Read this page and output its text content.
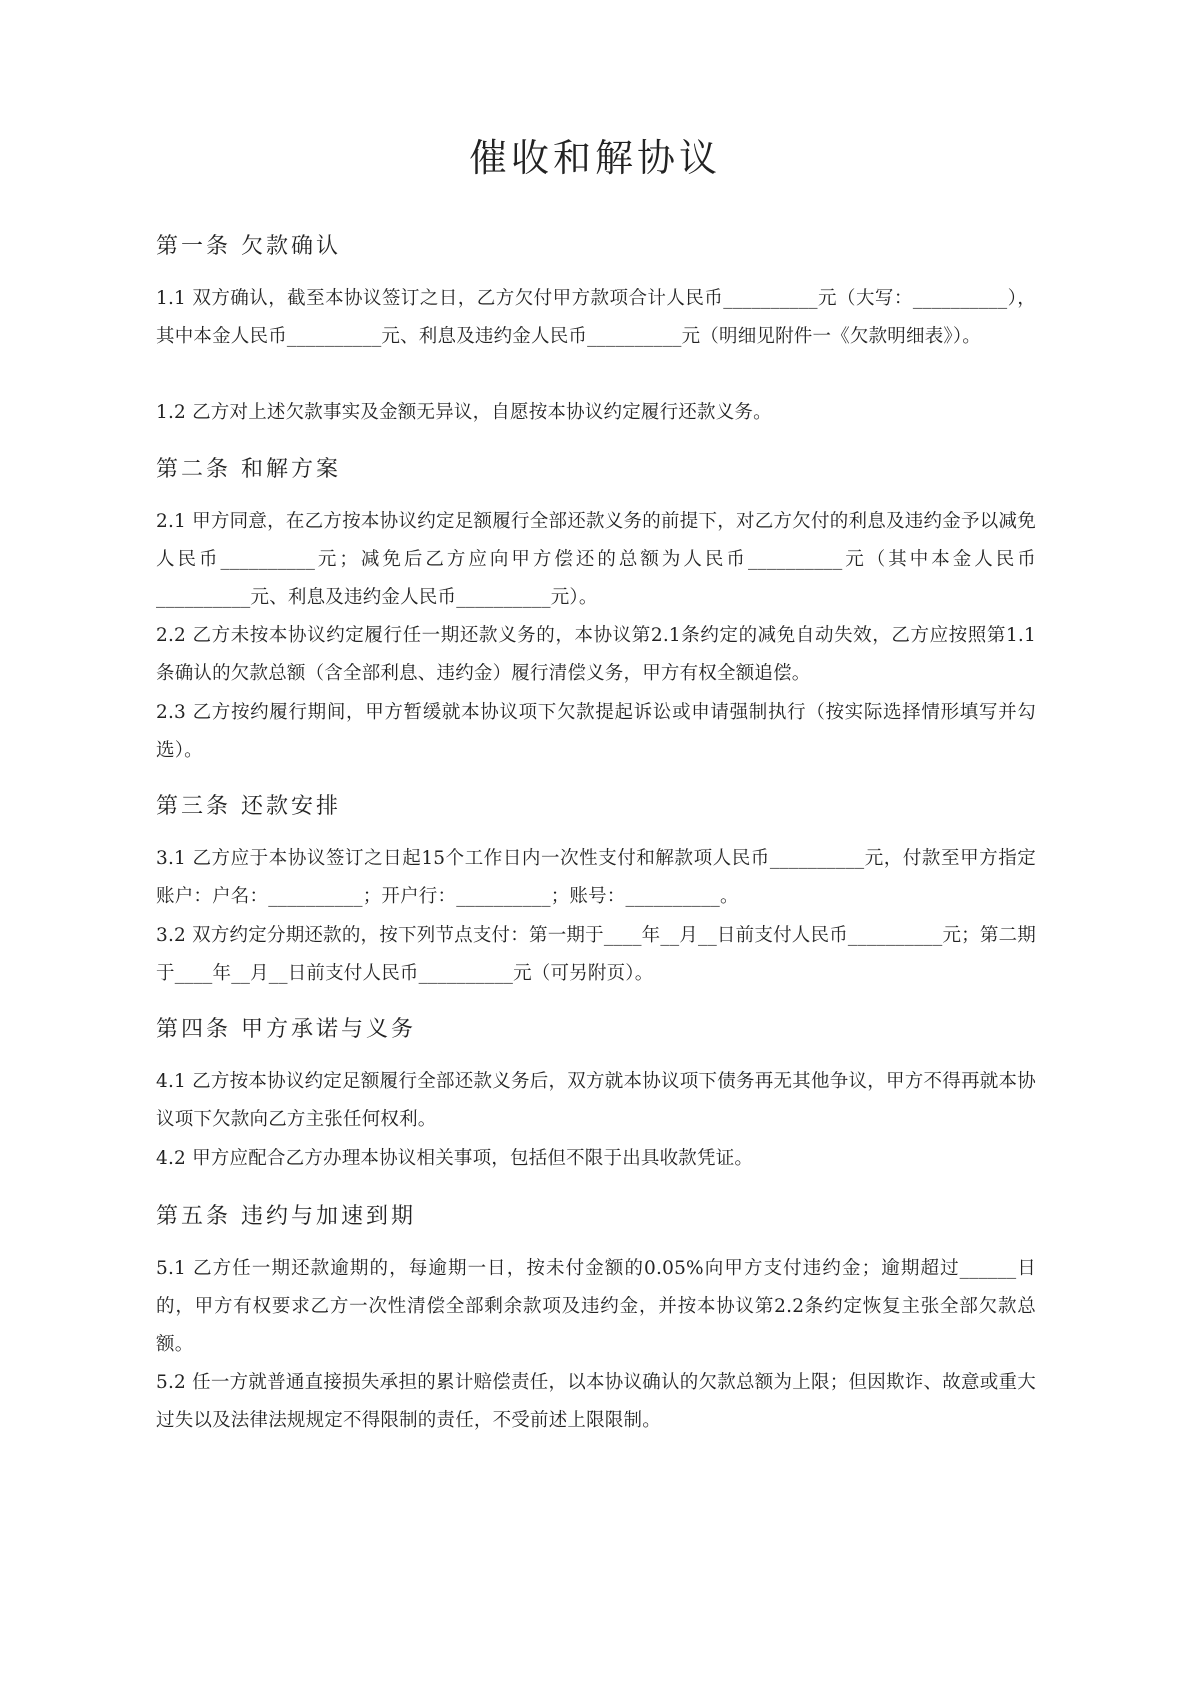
催收和解协议
第一条 欠款确认

1.1 双方确认，截至本协议签订之日，乙方欠付甲方款项合计人民币__________元（大写：__________），其中本金人民币__________元、利息及违约金人民币__________元（明细见附件一《欠款明细表》）。

1.2 乙方对上述欠款事实及金额无异议，自愿按本协议约定履行还款义务。

第二条 和解方案

2.1 甲方同意，在乙方按本协议约定足额履行全部还款义务的前提下，对乙方欠付的利息及违约金予以减免人民币__________元；减免后乙方应向甲方偿还的总额为人民币__________元（其中本金人民币__________元、利息及违约金人民币__________元）。

2.2 乙方未按本协议约定履行任一期还款义务的，本协议第2.1条约定的减免自动失效，乙方应按照第1.1条确认的欠款总额（含全部利息、违约金）履行清偿义务，甲方有权全额追偿。

2.3 乙方按约履行期间，甲方暂缓就本协议项下欠款提起诉讼或申请强制执行（按实际选择情形填写并勾选）。

第三条 还款安排

3.1 乙方应于本协议签订之日起15个工作日内一次性支付和解款项人民币__________元，付款至甲方指定账户：户名：__________；开户行：__________；账号：__________。

3.2 双方约定分期还款的，按下列节点支付：第一期于____年__月__日前支付人民币__________元；第二期于____年__月__日前支付人民币__________元（可另附页）。

第四条 甲方承诺与义务

4.1 乙方按本协议约定足额履行全部还款义务后，双方就本协议项下债务再无其他争议，甲方不得再就本协议项下欠款向乙方主张任何权利。

4.2 甲方应配合乙方办理本协议相关事项，包括但不限于出具收款凭证。

第五条 违约与加速到期

5.1 乙方任一期还款逾期的，每逾期一日，按未付金额的0.05%向甲方支付违约金；逾期超过______日的，甲方有权要求乙方一次性清偿全部剩余款项及违约金，并按本协议第2.2条约定恢复主张全部欠款总额。

5.2 任一方就普通直接损失承担的累计赔偿责任，以本协议确认的欠款总额为上限；但因欺诈、故意或重大过失以及法律法规规定不得限制的责任，不受前述上限限制。
